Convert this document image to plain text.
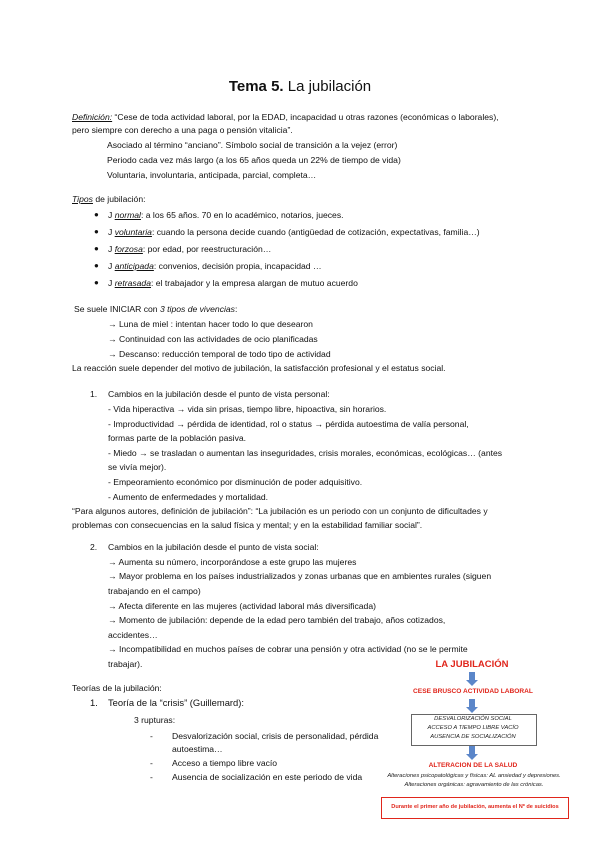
Tema 5. La jubilación
Definición: “Cese de toda actividad laboral, por la EDAD, incapacidad u otras razones (económicas o laborales),
pero siempre con derecho a una paga o pensión vitalicia”.
Asociado al término “anciano”. Símbolo social de transición a la vejez (error)
Periodo cada vez más largo (a los 65 años queda un 22% de tiempo de vida)
Voluntaria, involuntaria, anticipada, parcial, completa…
Tipos de jubilación:
● J normal: a los 65 años. 70 en lo académico, notarios, jueces.
● J voluntaria: cuando la persona decide cuando (antigüedad de cotización, expectativas, familia…)
● J forzosa: por edad, por reestructuración…
● J anticipada: convenios, decisión propia, incapacidad …
● J retrasada: el trabajador y la empresa alargan de mutuo acuerdo
Se suele INICIAR con 3 tipos de vivencias:
→ Luna de miel : intentan hacer todo lo que desearon
→ Continuidad con las actividades de ocio planificadas
→ Descanso: reducción temporal de todo tipo de actividad
La reacción suele depender del motivo de jubilación, la satisfacción profesional y el estatus social.
1. Cambios en la jubilación desde el punto de vista personal:
- Vida hiperactiva → vida sin prisas, tiempo libre, hipoactiva, sin horarios.
- Improductividad → pérdida de identidad, rol o status → pérdida autoestima de valía personal,
formas parte de la población pasiva.
- Miedo → se trasladan o aumentan las inseguridades, crisis morales, económicas, ecológicas… (antes
se vivía mejor).
- Empeoramiento económico por disminución de poder adquisitivo.
- Aumento de enfermedades y mortalidad.
“Para algunos autores, definición de jubilación”: “La jubilación es un periodo con un conjunto de dificultades y
problemas con consecuencias en la salud física y mental; y en la estabilidad familiar social”.
2. Cambios en la jubilación desde el punto de vista social:
→ Aumenta su número, incorporándose a este grupo las mujeres
→ Mayor problema en los países industrializados y zonas urbanas que en ambientes rurales (siguen
trabajando en el campo)
→ Afecta diferente en las mujeres (actividad laboral más diversificada)
→ Momento de jubilación: depende de la edad pero también del trabajo, años cotizados,
accidentes…
→ Incompatibilidad en muchos países de cobrar una pensión y otra actividad (no se le permite
trabajar).
Teorías de la jubilación:
1. Teoría de la “crisis” (Guillemard):
3 rupturas:
- Desvalorización social, crisis de personalidad, pérdida
autoestima…
- Acceso a tiempo libre vacío
- Ausencia de socialización en este periodo de vida
LA JUBILACIÓN
CESE BRUSCO ACTIVIDAD LABORAL
DESVALORIZACIÓN SOCIAL
ACCESO A TIEMPO LIBRE VACÍO
AUSENCIA DE SOCIALIZACIÓN
ALTERACION DE LA SALUD
Alteraciones psicopatológicas y físicas: AL ansiedad y depresiones.
Alteraciones orgánicas: agravamiento de las crónicas.
Durante el primer año de jubilación, aumenta el Nº de suicidios
